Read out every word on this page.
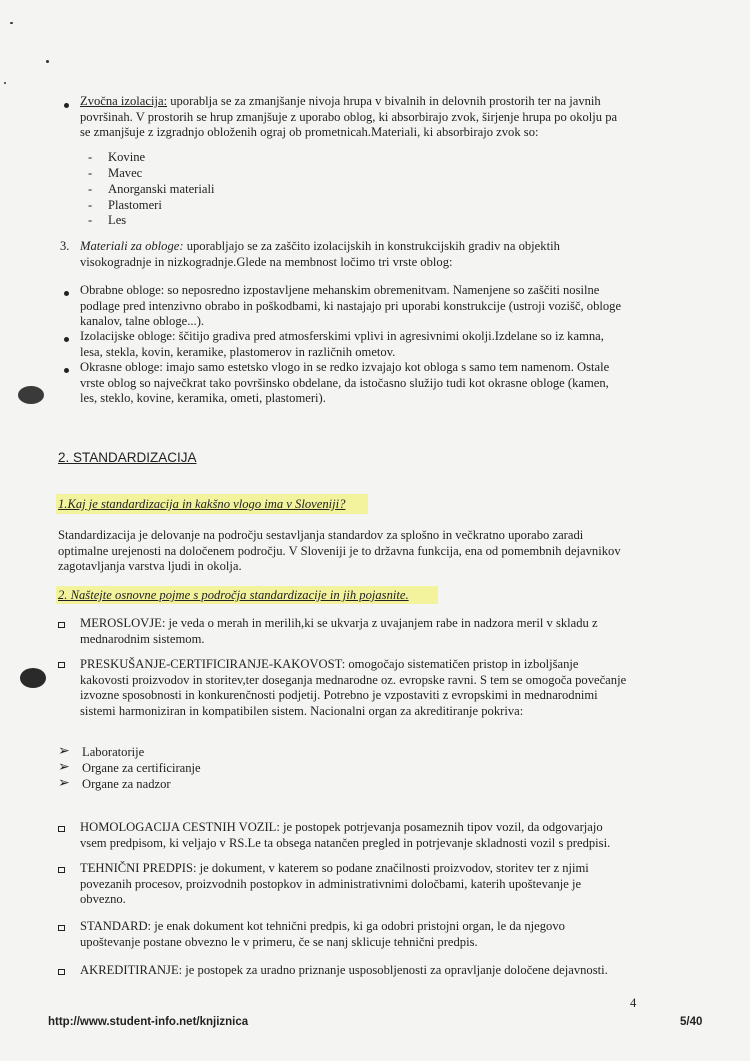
Zvočna izolacija: uporablja se za zmanjšanje nivoja hrupa v bivalnih in delovnih prostorih ter na javnih
površinah. V prostorih se hrup zmanjšuje z uporabo oblog, ki absorbirajo zvok, širjenje hrupa po okolju pa
se zmanjšuje z izgradnjo obloženih ograj ob prometnicah.Materiali, ki absorbirajo zvok so:
- Kovine
- Mavec
- Anorganski materiali
- Plastomeri
- Les
3. Materiali za obloge: uporabljajo se za zaščito izolacijskih in konstrukcijskih gradiv na objektih
visokogradnje in nizkogradnje.Glede na membnost ločimo tri vrste oblog:
Obrabne obloge: so neposredno izpostavljene mehanskim obremenitvam. Namenjene so zaščiti nosilne
podlage pred intenzivno obrabo in poškodbami, ki nastajajo pri uporabi konstrukcije (ustroji vozišč, obloge
kanalov, talne obloge...).
Izolacijske obloge: ščitijo gradiva pred atmosferskimi vplivi in agresivnimi okolji.Izdelane so iz kamna,
lesa, stekla, kovin, keramike, plastomerov in različnih ometov.
Okrasne obloge: imajo samo estetsko vlogo in se redko izvajajo kot obloga s samo tem namenom. Ostale
vrste oblog so največkrat tako površinsko obdelane, da istočasno služijo tudi kot okrasne obloge (kamen,
les, steklo, kovine, keramika, ometi, plastomeri).
2. STANDARDIZACIJA
1.Kaj je standardizacija in kakšno vlogo ima v Sloveniji?
Standardizacija je delovanje na področju sestavljanja standardov za splošno in večkratno uporabo zaradi
optimalne urejenosti na določenem področju. V Sloveniji je to državna funkcija, ena od pomembnih dejavnikov
zagotavljanja varstva ljudi in okolja.
2. Naštejte osnovne pojme s področja standardizacije in jih pojasnite.
MEROSLOVJE: je veda o merah in merilih,ki se ukvarja z uvajanjem rabe in nadzora meril v skladu z
mednarodnim sistemom.
PRESKUŠANJE-CERTIFICIRANJE-KAKOVOST: omogočajo sistematičen pristop in izboljšanje
kakovosti proizvodov in storitev,ter doseganja mednarodne oz. evropske ravni. S tem se omogoča povečanje
izvozne sposobnosti in konkurenčnosti podjetij. Potrebno je vzpostaviti z evropskimi in mednarodnimi
sistemi harmoniziran in kompatibilen sistem. Nacionalni organ za akreditiranje pokriva:
➢ Laboratorije
➢ Organe za certificiranje
➢ Organe za nadzor
HOMOLOGACIJA CESTNIH VOZIL: je postopek potrjevanja posameznih tipov vozil, da odgovarjajo
vsem predpisom, ki veljajo v RS.Le ta obsega natančen pregled in potrjevanje skladnosti vozil s predpisi.
TEHNIČNI PREDPIS: je dokument, v katerem so podane značilnosti proizvodov, storitev ter z njimi
povezanih procesov, proizvodnih postopkov in administrativnimi določbami, katerih upoštevanje je
obvezno.
STANDARD: je enak dokument kot tehnični predpis, ki ga odobri pristojni organ, le da njegovo
upoštevanje postane obvezno le v primeru, če se nanj sklicuje tehnični predpis.
AKREDITIRANJE: je postopek za uradno priznanje usposobljenosti za opravljanje določene dejavnosti.
4
http://www.student-info.net/knjiznica	5/40
